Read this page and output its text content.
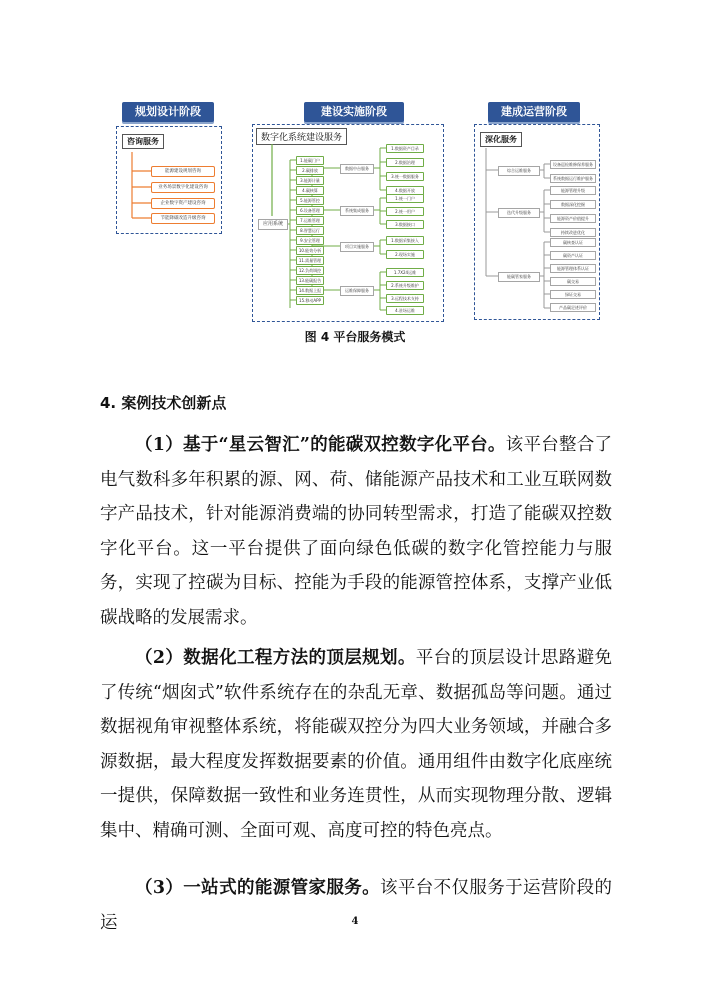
规划设计阶段	建设实施阶段	建成运营阶段
咨询服务
能源建设规划咨询
业务场景数字化建设咨询
企业数字资产建设咨询
节能降碳改造升级咨询
数字化系统建设服务
应用系统
1.能碳门户
2.碳排放
3.能源计量
4.碳核算
5.能源管控
6.设备管理
7.运维管理
8.智慧运行
9.安全管理
10.能效分析
11.需量管理
12.负荷调控
13.能碳报告
14.数据上报
15.移动APP
数据中台服务
系统集成服务
项目实施服务
运维保障服务
1.数据资产目录
2.数据治理
3.统一数据服务
4.数据开放
1.统一门户
2.统一用户
3.数据接口
1.数据采集接入
2.现场实施
1.7X24运维
2.系统升级维护
3.远程技术支持
4.驻场运维
深化服务
综合运维服务
迭代升级服务
能碳管家服务
设备巡检维修保养服务
系统数据运行维护服务
能源管理升级
数据深化挖掘
能源资产价值提升
持续改进优化
碳核查认证
碳资产认证
能源管理体系认证
碳交易
绿证交易
产品碳足迹评价
图 4 平台服务模式
4. 案例技术创新点
（1）基于“星云智汇”的能碳双控数字化平台。该平台整合了电气数科多年积累的源、网、荷、储能源产品技术和工业互联网数字产品技术，针对能源消费端的协同转型需求，打造了能碳双控数字化平台。这一平台提供了面向绿色低碳的数字化管控能力与服务，实现了控碳为目标、控能为手段的能源管控体系，支撑产业低碳战略的发展需求。
（2）数据化工程方法的顶层规划。平台的顶层设计思路避免了传统“烟囱式”软件系统存在的杂乱无章、数据孤岛等问题。通过数据视角审视整体系统，将能碳双控分为四大业务领域，并融合多源数据，最大程度发挥数据要素的价值。通用组件由数字化底座统一提供，保障数据一致性和业务连贯性，从而实现物理分散、逻辑集中、精确可测、全面可观、高度可控的特色亮点。
（3）一站式的能源管家服务。该平台不仅服务于运营阶段的运	4
